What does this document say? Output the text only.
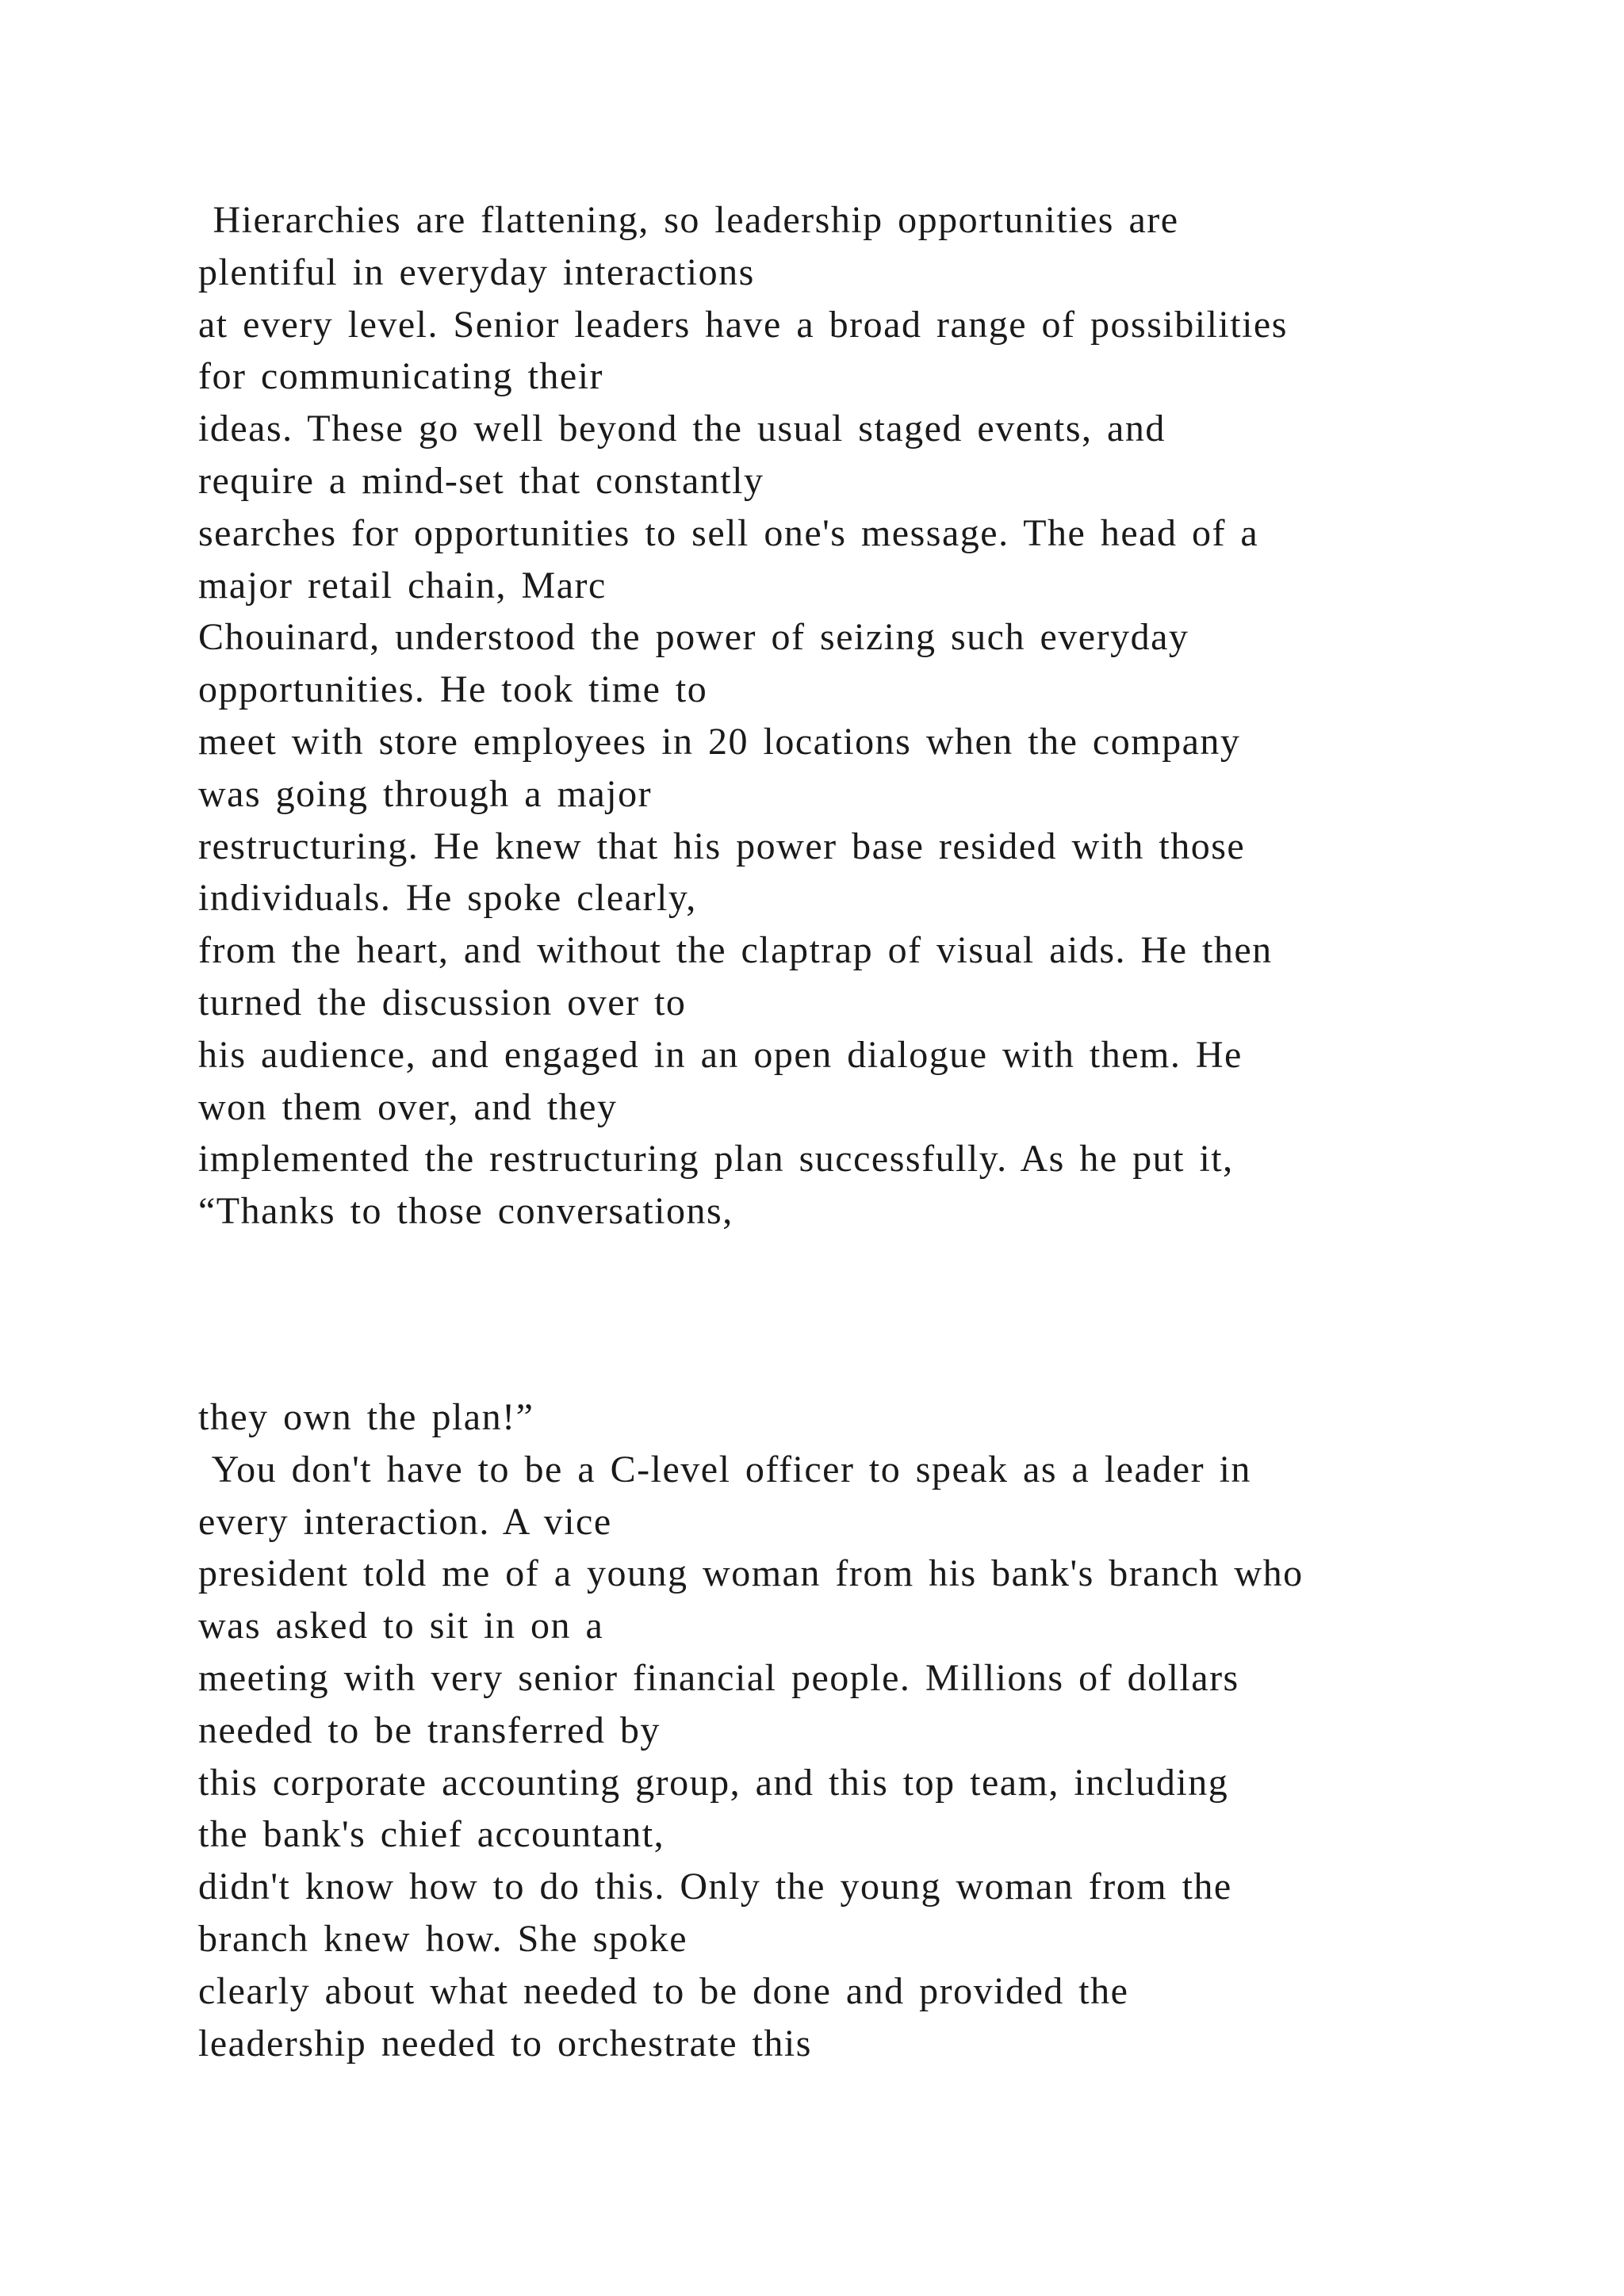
Hierarchies are flattening, so leadership opportunities are
plentiful in everyday interactions
at every level. Senior leaders have a broad range of possibilities
for communicating their
ideas. These go well beyond the usual staged events, and
require a mind-set that constantly
searches for opportunities to sell one's message. The head of a
major retail chain, Marc
Chouinard, understood the power of seizing such everyday
opportunities. He took time to
meet with store employees in 20 locations when the company
was going through a major
restructuring. He knew that his power base resided with those
individuals. He spoke clearly,
from the heart, and without the claptrap of visual aids. He then
turned the discussion over to
his audience, and engaged in an open dialogue with them. He
won them over, and they
implemented the restructuring plan successfully. As he put it,
“Thanks to those conversations,
they own the plan!”
You don't have to be a C-level officer to speak as a leader in
every interaction. A vice
president told me of a young woman from his bank's branch who
was asked to sit in on a
meeting with very senior financial people. Millions of dollars
needed to be transferred by
this corporate accounting group, and this top team, including
the bank's chief accountant,
didn't know how to do this. Only the young woman from the
branch knew how. She spoke
clearly about what needed to be done and provided the
leadership needed to orchestrate this
